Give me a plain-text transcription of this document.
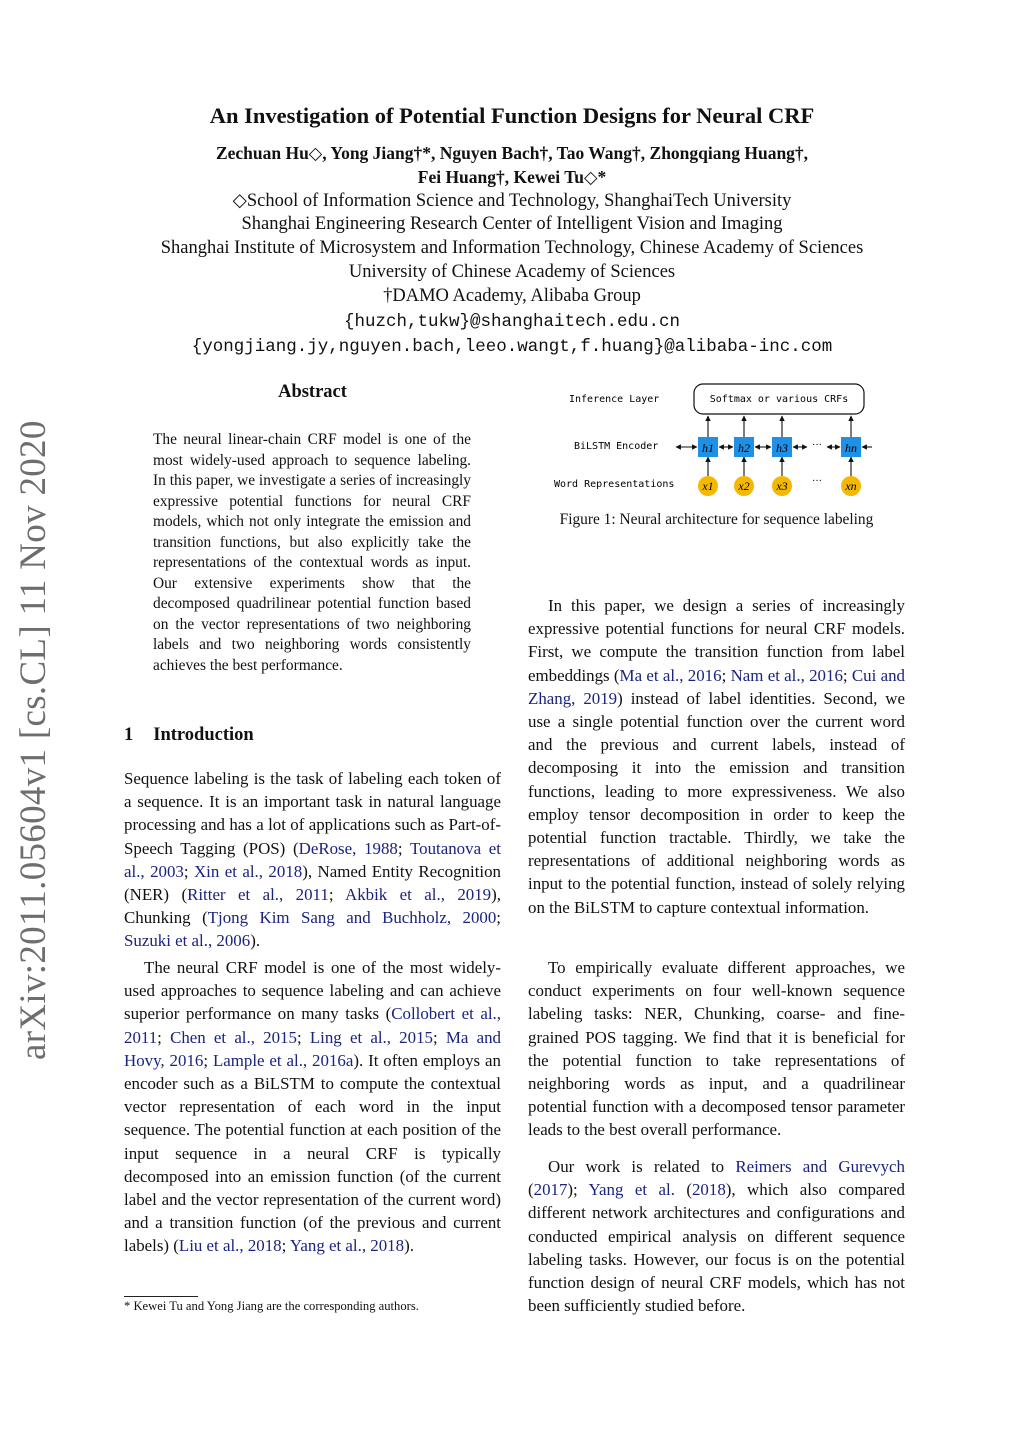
An Investigation of Potential Function Designs for Neural CRF
Zechuan Hu◇, Yong Jiang†*, Nguyen Bach†, Tao Wang†, Zhongqiang Huang†,
Fei Huang†, Kewei Tu◇*
◇School of Information Science and Technology, ShanghaiTech University
Shanghai Engineering Research Center of Intelligent Vision and Imaging
Shanghai Institute of Microsystem and Information Technology, Chinese Academy of Sciences
University of Chinese Academy of Sciences
†DAMO Academy, Alibaba Group
{huzch,tukw}@shanghaitech.edu.cn
{yongjiang.jy,nguyen.bach,leeo.wangt,f.huang}@alibaba-inc.com
arXiv:2011.05604v1 [cs.CL] 11 Nov 2020
Abstract

The neural linear-chain CRF model is one of the most widely-used approach to sequence labeling. In this paper, we investigate a series of increasingly expressive potential functions for neural CRF models, which not only integrate the emission and transition functions, but also explicitly take the representations of the contextual words as input. Our extensive experiments show that the decomposed quadrilinear potential function based on the vector representations of two neighboring labels and two neighboring words consistently achieves the best performance.

1 Introduction

Sequence labeling is the task of labeling each token of a sequence. It is an important task in natural language processing and has a lot of applications such as Part-of-Speech Tagging (POS) (DeRose, 1988; Toutanova et al., 2003; Xin et al., 2018), Named Entity Recognition (NER) (Ritter et al., 2011; Akbik et al., 2019), Chunking (Tjong Kim Sang and Buchholz, 2000; Suzuki et al., 2006).

The neural CRF model is one of the most widely-used approaches to sequence labeling and can achieve superior performance on many tasks (Collobert et al., 2011; Chen et al., 2015; Ling et al., 2015; Ma and Hovy, 2016; Lample et al., 2016a). It often employs an encoder such as a BiLSTM to compute the contextual vector representation of each word in the input sequence. The potential function at each position of the input sequence in a neural CRF is typically decomposed into an emission function (of the current label and the vector representation of the current word) and a transition function (of the previous and current labels) (Liu et al., 2018; Yang et al., 2018).

* Kewei Tu and Yong Jiang are the corresponding authors.
Inference Layer
BiLSTM Encoder
Word Representations
Softmax or various CRFs
···
···
h1 h2 h3	hn
x1 x2 x3	xn
Figure 1: Neural architecture for sequence labeling

In this paper, we design a series of increasingly expressive potential functions for neural CRF models. First, we compute the transition function from label embeddings (Ma et al., 2016; Nam et al., 2016; Cui and Zhang, 2019) instead of label identities. Second, we use a single potential function over the current word and the previous and current labels, instead of decomposing it into the emission and transition functions, leading to more expressiveness. We also employ tensor decomposition in order to keep the potential function tractable. Thirdly, we take the representations of additional neighboring words as input to the potential function, instead of solely relying on the BiLSTM to capture contextual information.

To empirically evaluate different approaches, we conduct experiments on four well-known sequence labeling tasks: NER, Chunking, coarse- and fine-grained POS tagging. We find that it is beneficial for the potential function to take representations of neighboring words as input, and a quadrilinear potential function with a decomposed tensor parameter leads to the best overall performance.

Our work is related to Reimers and Gurevych (2017); Yang et al. (2018), which also compared different network architectures and configurations and conducted empirical analysis on different sequence labeling tasks. However, our focus is on the potential function design of neural CRF models, which has not been sufficiently studied before.
